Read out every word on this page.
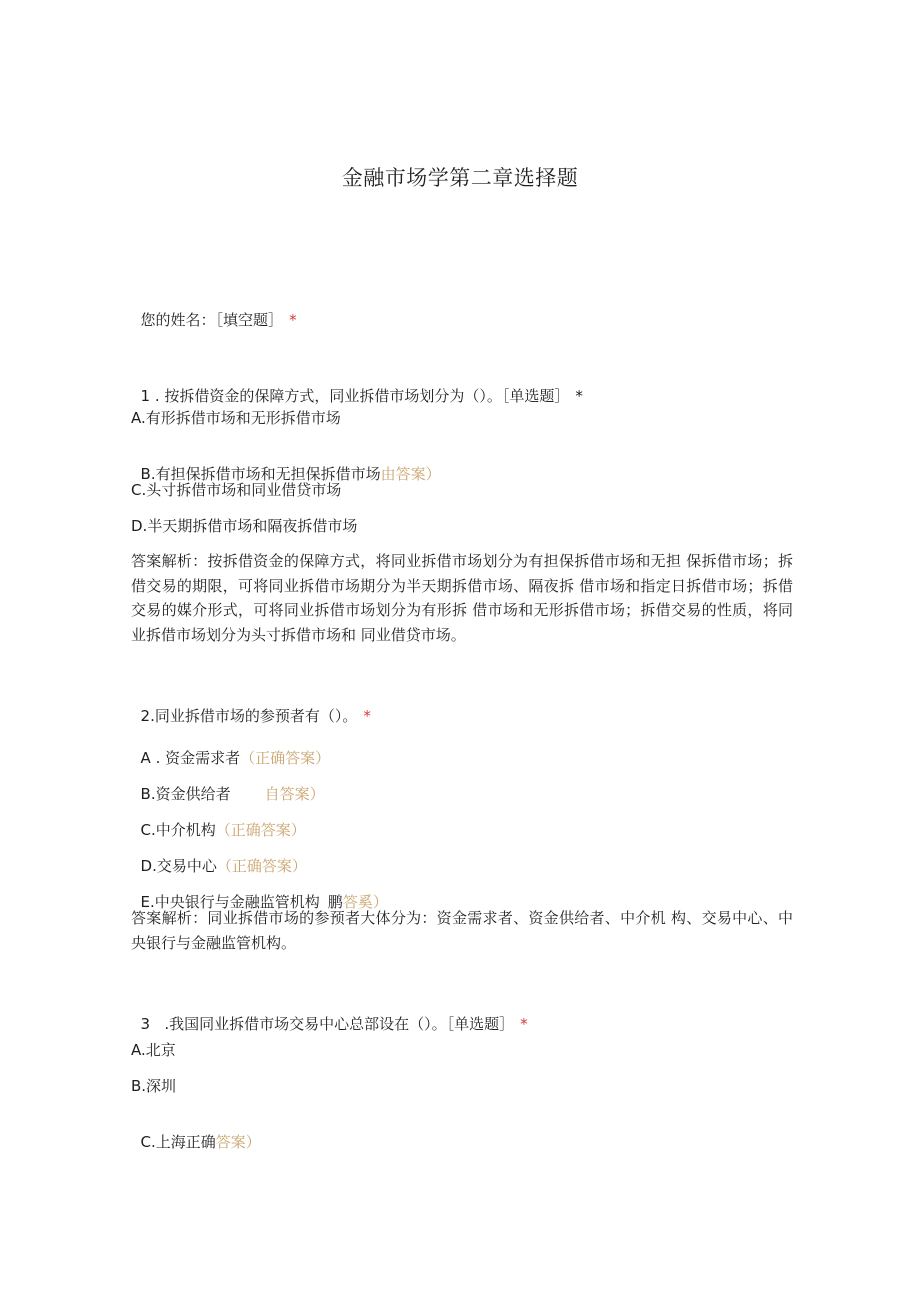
金融市场学第二章选择题

您的姓名：［填空题］ *

1 . 按拆借资金的保障方式，同业拆借市场划分为（）。［单选题］ *

A.有形拆借市场和无形拆借市场

B.有担保拆借市场和无担保拆借市场由答案）

C.头寸拆借市场和同业借贷市场
D.半天期拆借市场和隔夜拆借市场
答案解析：按拆借资金的保障方式，将同业拆借市场划分为有担保拆借市场和无担 保拆借市场；拆借交易的期限，可将同业拆借市场期分为半天期拆借市场、隔夜拆 借市场和指定日拆借市场；拆借交易的媒介形式，可将同业拆借市场划分为有形拆 借市场和无形拆借市场；拆借交易的性质，将同业拆借市场划分为头寸拆借市场和 同业借贷市场。

2.同业拆借市场的参预者有（）。 *

A . 资金需求者（正确答案）

B.资金供给者 自答案）

C.中介机构（正确答案）

D.交易中心（正确答案）

E.中央银行与金融监管机构 鹏答奚）

答案解析：同业拆借市场的参预者大体分为：资金需求者、资金供给者、中介机 构、交易中心、中央银行与金融监管机构。

3   .我国同业拆借市场交易中心总部设在（）。［单选题］ *

A.北京
B.深圳

C.上海正确答案）
